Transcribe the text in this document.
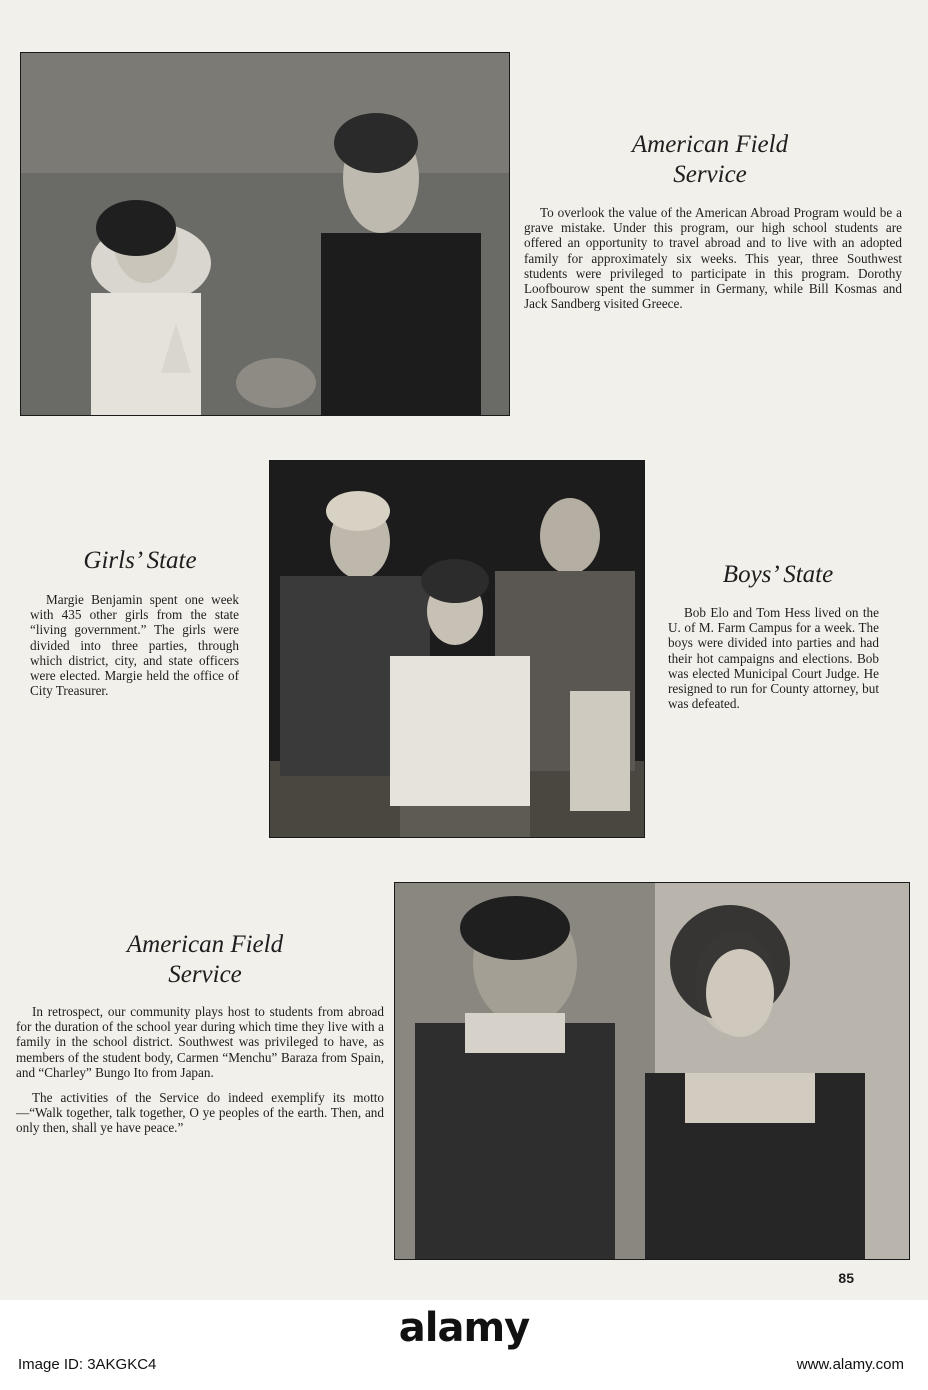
American Field
Service

To overlook the value of the American Abroad Program would be a grave mistake. Under this program, our high school students are offered an opportunity to travel abroad and to live with an adopted family for approximately six weeks. This year, three Southwest students were privileged to participate in this program. Dorothy Loofbourow spent the summer in Germany, while Bill Kosmas and Jack Sandberg visited Greece.

Girls’ State

Margie Benjamin spent one week with 435 other girls from the state “living government.” The girls were divided into three parties, through which district, city, and state officers were elected. Margie held the office of City Treasurer.

Boys’ State

Bob Elo and Tom Hess lived on the U. of M. Farm Campus for a week. The boys were divided into parties and had their hot campaigns and elections. Bob was elected Municipal Court Judge. He resigned to run for County attorney, but was defeated.

American Field
Service

In retrospect, our community plays host to students from abroad for the duration of the school year during which time they live with a family in the school district. Southwest was privileged to have, as members of the student body, Carmen “Menchu” Baraza from Spain, and “Charley” Bungo Ito from Japan.

The activities of the Service do indeed exemplify its motto—“Walk together, talk together, O ye peoples of the earth. Then, and only then, shall ye have peace.”

85
alamy
Image ID: 3AKGKC4	www.alamy.com
